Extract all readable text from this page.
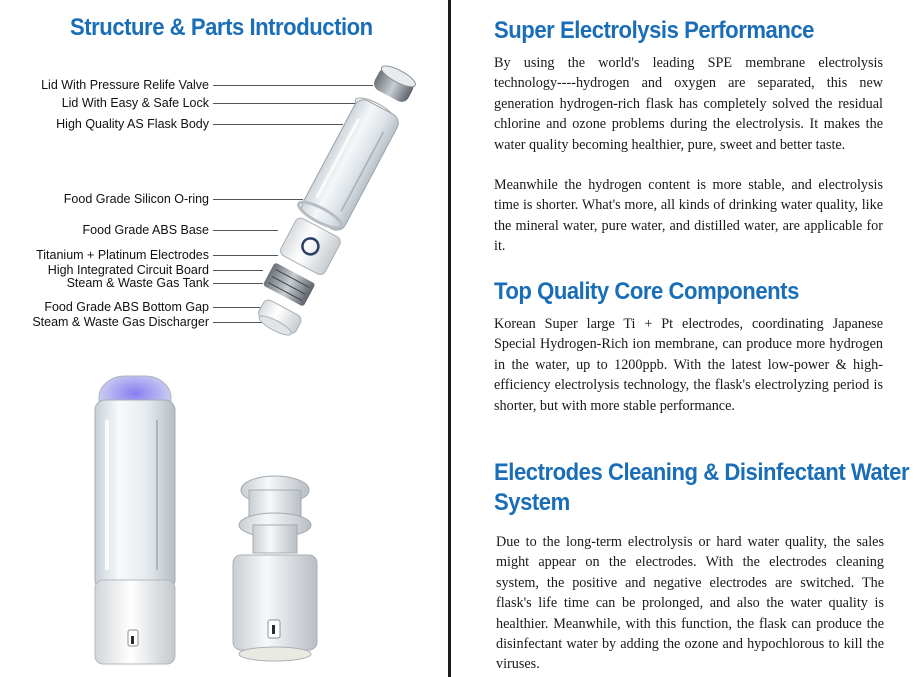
Structure & Parts Introduction
Lid With Pressure Relife Valve
Lid With Easy & Safe Lock
High Quality AS Flask Body
Food Grade Silicon O-ring
Food Grade ABS Base
Titanium + Platinum Electrodes
High Integrated Circuit Board
Steam & Waste Gas Tank
Food Grade ABS Bottom Gap
Steam & Waste Gas Discharger
Super Electrolysis Performance

By using the world's leading SPE membrane electrolysis technology----hydrogen and oxygen are separated, this new generation hydrogen-rich flask has completely solved the residual chlorine and ozone problems during the electrolysis. It makes the water quality becoming healthier, pure, sweet and better taste.

Meanwhile the hydrogen content is more stable, and electrolysis time is shorter. What's more, all kinds of drinking water quality, like the mineral water, pure water, and distilled water, are applicable for it.

Top Quality Core Components

Korean Super large Ti + Pt electrodes, coordinating Japanese Special Hydrogen-Rich ion membrane, can produce more hydrogen in the water, up to 1200ppb. With the latest low-power & high-efficiency electrolysis technology, the flask's electrolyzing period is shorter, but with more stable performance.

Electrodes Cleaning & Disinfectant Water
System

Due to the long-term electrolysis or hard water quality, the sales might appear on the electrodes. With the electrodes cleaning system, the positive and negative electrodes are switched. The flask's life time can be prolonged, and also the water quality is healthier. Meanwhile, with this function, the flask can produce the disinfectant water by adding the ozone and hypochlorous to kill the viruses.
